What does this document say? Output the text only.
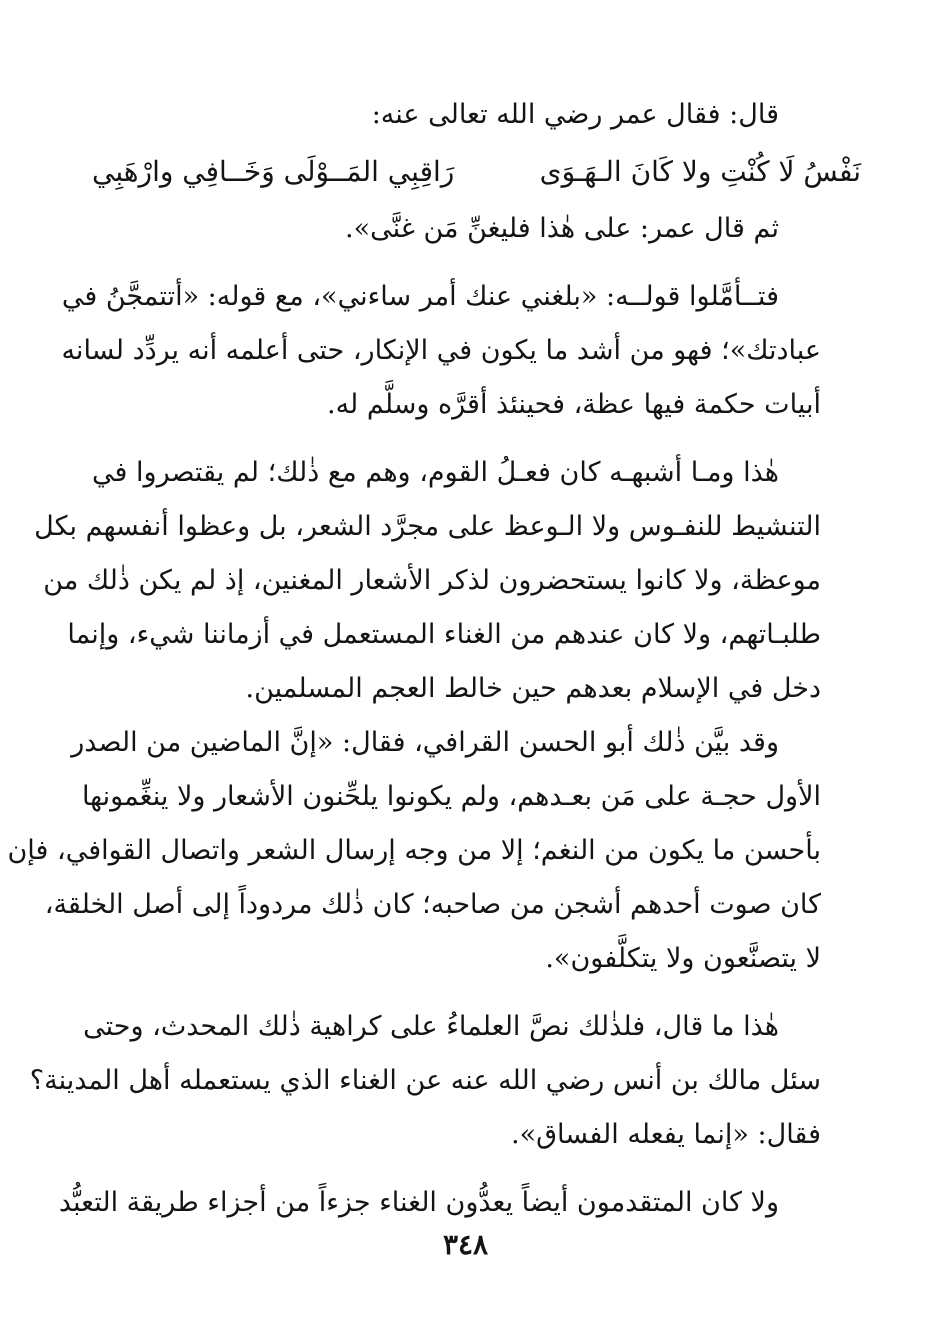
قال: فقال عمر رضي الله تعالى عنه:
نَفْسُ لَا كُنْتِ ولا كَانَ الـهَـوَى
رَاقِبِي المَــوْلَى وَخَــافِي وارْهَبِي
ثم قال عمر: على هٰذا فليغنِّ مَن غنَّى».
فتــأمَّلوا قولــه: «بلغني عنك أمر ساءني»، مع قوله: «أتتمجَّنُ في
عبادتك»؛ فهو من أشد ما يكون في الإنكار، حتى أعلمه أنه يردِّد لسانه
أبيات حكمة فيها عظة، فحينئذ أقرَّه وسلَّم له.
هٰذا ومـا أشبهـه كان فعـلُ القوم، وهم مع ذٰلك؛ لم يقتصروا في
التنشيط للنفـوس ولا الـوعظ على مجرَّد الشعر، بل وعظوا أنفسهم بكل
موعظة، ولا كانوا يستحضرون لذكر الأشعار المغنين، إذ لم يكن ذٰلك من
طلبـاتهم، ولا كان عندهم من الغناء المستعمل في أزماننا شيء، وإنما
دخل في الإسلام بعدهم حين خالط العجم المسلمين.
وقد بيَّن ذٰلك أبو الحسن القرافي، فقال: «إنَّ الماضين من الصدر
الأول حجـة على مَن بعـدهم، ولم يكونوا يلحِّنون الأشعار ولا ينغِّمونها
بأحسن ما يكون من النغم؛ إلا من وجه إرسال الشعر واتصال القوافي، فإن
كان صوت أحدهم أشجن من صاحبه؛ كان ذٰلك مردوداً إلى أصل الخلقة،
لا يتصنَّعون ولا يتكلَّفون».
هٰذا ما قال، فلذٰلك نصَّ العلماءُ على كراهية ذٰلك المحدث، وحتى
سئل مالك بن أنس رضي الله عنه عن الغناء الذي يستعمله أهل المدينة؟
فقال: «إنما يفعله الفساق».
ولا كان المتقدمون أيضاً يعدُّون الغناء جزءاً من أجزاء طريقة التعبُّد
٣٤٨
